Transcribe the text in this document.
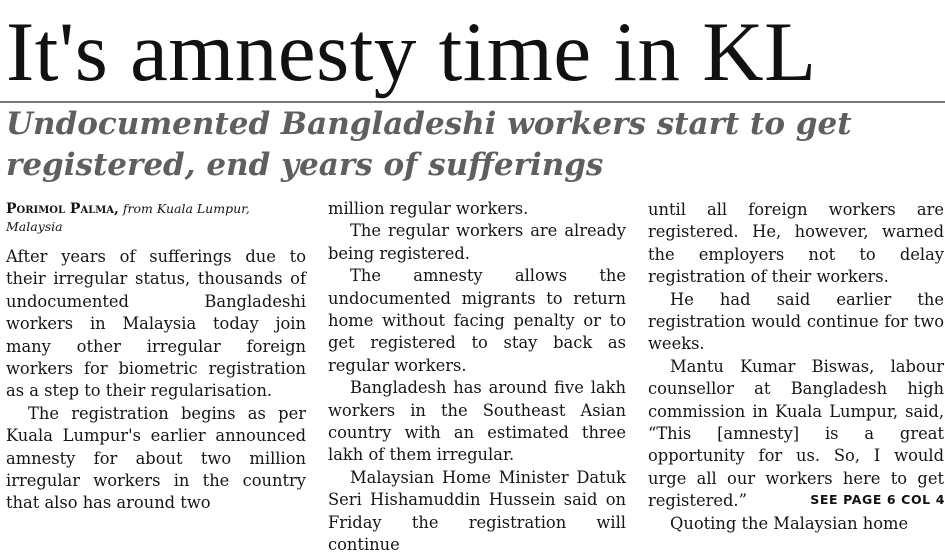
It's amnesty time in KL
Undocumented Bangladeshi workers start to get registered, end years of sufferings
Porimol Palma, from Kuala Lumpur, Malaysia

After years of sufferings due to their irregular status, thousands of undocumented Bangladeshi workers in Malaysia today join many other irregular foreign workers for biometric registration as a step to their regularisation.

The registration begins as per Kuala Lumpur's earlier announced amnesty for about two million irregular workers in the country that also has around two

million regular workers.

The regular workers are already being registered.

The amnesty allows the undocumented migrants to return home without facing penalty or to get registered to stay back as regular workers.

Bangladesh has around five lakh workers in the Southeast Asian country with an estimated three lakh of them irregular.

Malaysian Home Minister Datuk Seri Hishamuddin Hussein said on Friday the registration will continue

until all foreign workers are registered. He, however, warned the employers not to delay registration of their workers.

He had said earlier the registration would continue for two weeks.

Mantu Kumar Biswas, labour counsellor at Bangladesh high commission in Kuala Lumpur, said, “This [amnesty] is a great opportunity for us. So, I would urge all our workers here to get registered.”

Quoting the Malaysian home

SEE PAGE 6 COL 4
